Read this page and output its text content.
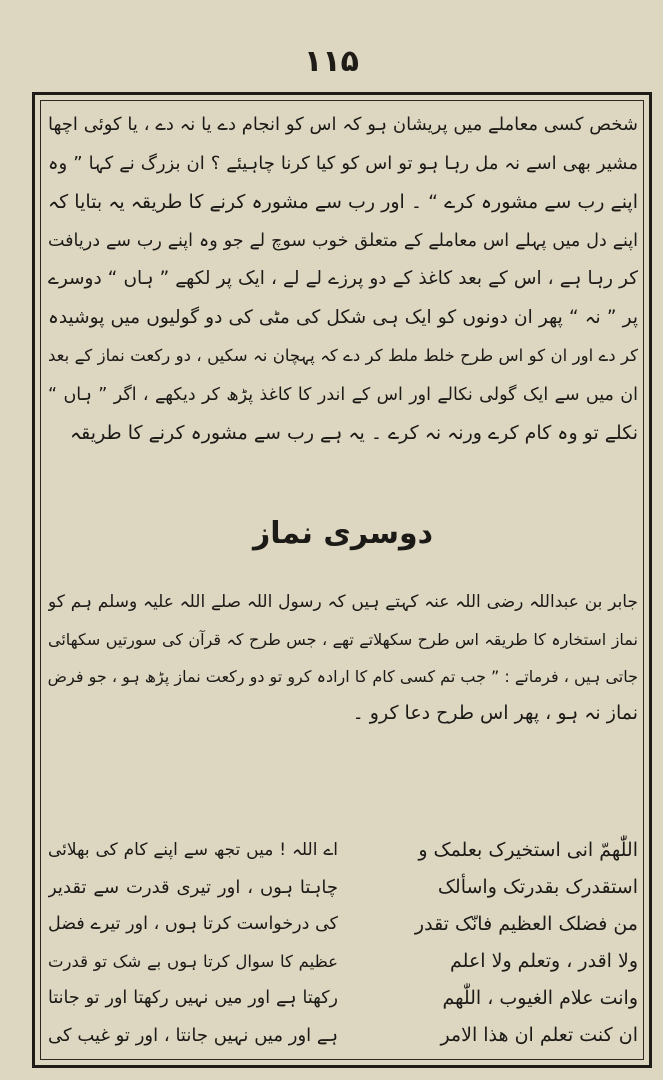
١١۵
شخص کسی معاملے میں پریشان ہو کہ اس کو انجام دے یا نہ دے ، یا کوئی اچھا
مشیر بھی اسے نہ مل رہا ہو تو اس کو کیا کرنا چاہیئے ؟ ان بزرگ نے کہا ” وہ
اپنے رب سے مشورہ کرے “ ۔ اور رب سے مشورہ کرنے کا طریقہ یہ بتایا کہ
اپنے دل میں پہلے اس معاملے کے متعلق خوب سوچ لے جو وہ اپنے رب سے دریافت
کر رہا ہے ، اس کے بعد کاغذ کے دو پرزے لے لے ، ایک پر لکھے ” ہاں “ دوسرے
پر ” نہ “ پھر ان دونوں کو ایک ہی شکل کی مٹی کی دو گولیوں میں پوشیدہ
کر دے اور ان کو اس طرح خلط ملط کر دے کہ پہچان نہ سکیں ، دو رکعت نماز کے بعد
ان میں سے ایک گولی نکالے اور اس کے اندر کا کاغذ پڑھ کر دیکھے ، اگر ” ہاں “
نکلے تو وہ کام کرے ورنہ نہ کرے ۔ یہ ہے رب سے مشورہ کرنے کا طریقہ
دوسری نماز
جابر بن عبداللہ رضی اللہ عنہ کہتے ہیں کہ رسول اللہ صلے اللہ علیہ وسلم ہم کو
نماز استخارہ کا طریقہ اس طرح سکھلاتے تھے ، جس طرح کہ قرآن کی سورتیں سکھائی
جاتی ہیں ، فرماتے : ” جب تم کسی کام کا ارادہ کرو تو دو رکعت نماز پڑھ ہو ، جو فرض
نماز نہ ہو ، پھر اس طرح دعا کرو ۔
اللّٰھمّ انی استخیرک بعلمک و
استقدرک بقدرتک واسألک
من فضلک العظیم فانّک تقدر
ولا اقدر ، وتعلم ولا اعلم
وانت علام الغیوب ، اللّٰھم
ان کنت تعلم ان ھذا الامر
اے اللہ ! میں تجھ سے اپنے کام کی بھلائی
چاہتا ہوں ، اور تیری قدرت سے تقدیر
کی درخواست کرتا ہوں ، اور تیرے فضل
عظیم کا سوال کرتا ہوں بے شک تو قدرت
رکھتا ہے اور میں نہیں رکھتا اور تو جانتا
ہے اور میں نہیں جانتا ، اور تو غیب کی
